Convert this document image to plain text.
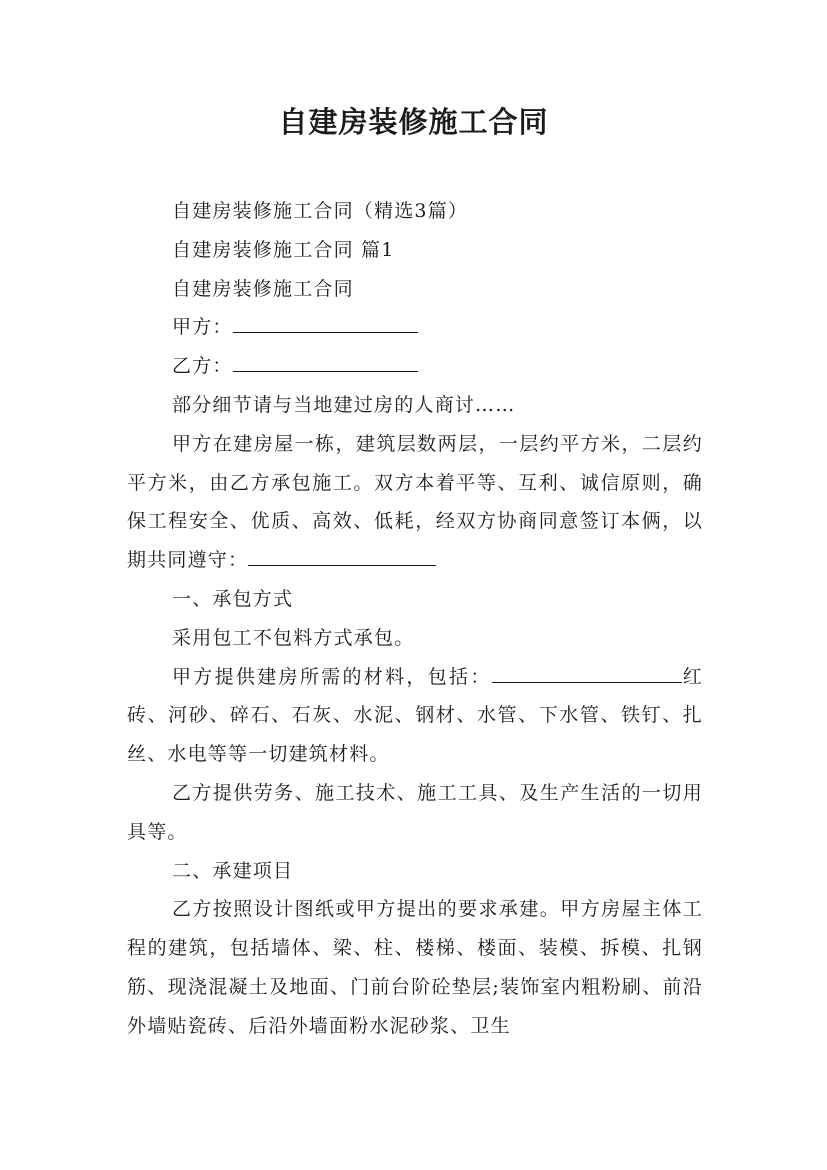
自建房装修施工合同

自建房装修施工合同（精选3篇）

自建房装修施工合同 篇1

自建房装修施工合同

甲方：

乙方：

部分细节请与当地建过房的人商讨……

甲方在建房屋一栋，建筑层数两层，一层约平方米，二层约平方米，由乙方承包施工。双方本着平等、互利、诚信原则，确保工程安全、优质、高效、低耗，经双方协商同意签订本俩，以期共同遵守：

一、承包方式

采用包工不包料方式承包。

甲方提供建房所需的材料，包括：	红砖、河砂、碎石、石灰、水泥、钢材、水管、下水管、铁钉、扎丝、水电等等一切建筑材料。

乙方提供劳务、施工技术、施工工具、及生产生活的一切用具等。

二、承建项目

乙方按照设计图纸或甲方提出的要求承建。甲方房屋主体工程的建筑，包括墙体、梁、柱、楼梯、楼面、装模、拆模、扎钢筋、现浇混凝土及地面、门前台阶砼垫层;装饰室内粗粉刷、前沿外墙贴瓷砖、后沿外墙面粉水泥砂浆、卫生
